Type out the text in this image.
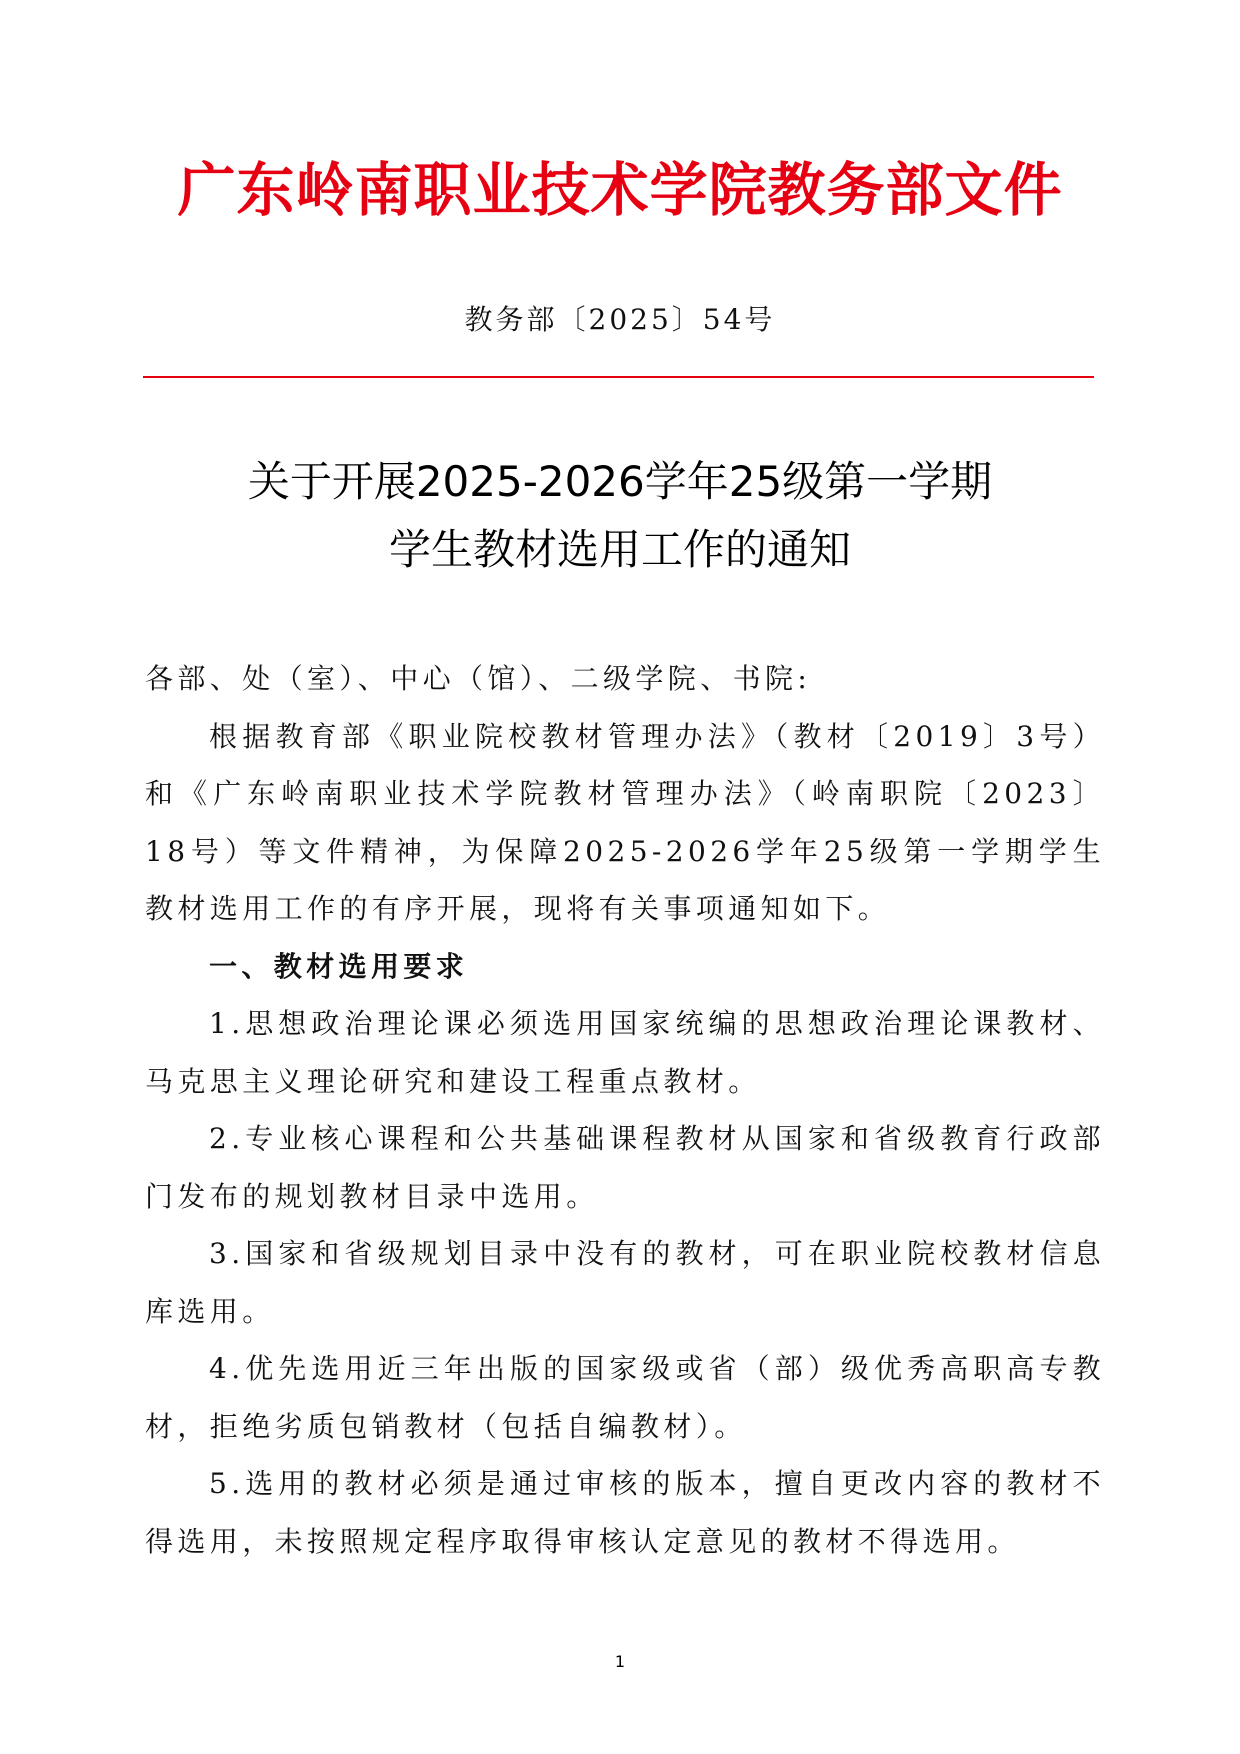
广东岭南职业技术学院教务部文件
教务部〔2025〕54号
关于开展2025-2026学年25级第一学期
学生教材选用工作的通知

各部、处（室）、中心（馆）、二级学院、书院:

根据教育部《职业院校教材管理办法》（教材〔2019〕3号）和《广东岭南职业技术学院教材管理办法》（岭南职院〔2023〕18号）等文件精神，为保障2025-2026学年25级第一学期学生教材选用工作的有序开展，现将有关事项通知如下。

一、教材选用要求

1.思想政治理论课必须选用国家统编的思想政治理论课教材、马克思主义理论研究和建设工程重点教材。

2.专业核心课程和公共基础课程教材从国家和省级教育行政部门发布的规划教材目录中选用。

3.国家和省级规划目录中没有的教材，可在职业院校教材信息库选用。

4.优先选用近三年出版的国家级或省（部）级优秀高职高专教材，拒绝劣质包销教材（包括自编教材）。

5.选用的教材必须是通过审核的版本，擅自更改内容的教材不得选用，未按照规定程序取得审核认定意见的教材不得选用。

1
